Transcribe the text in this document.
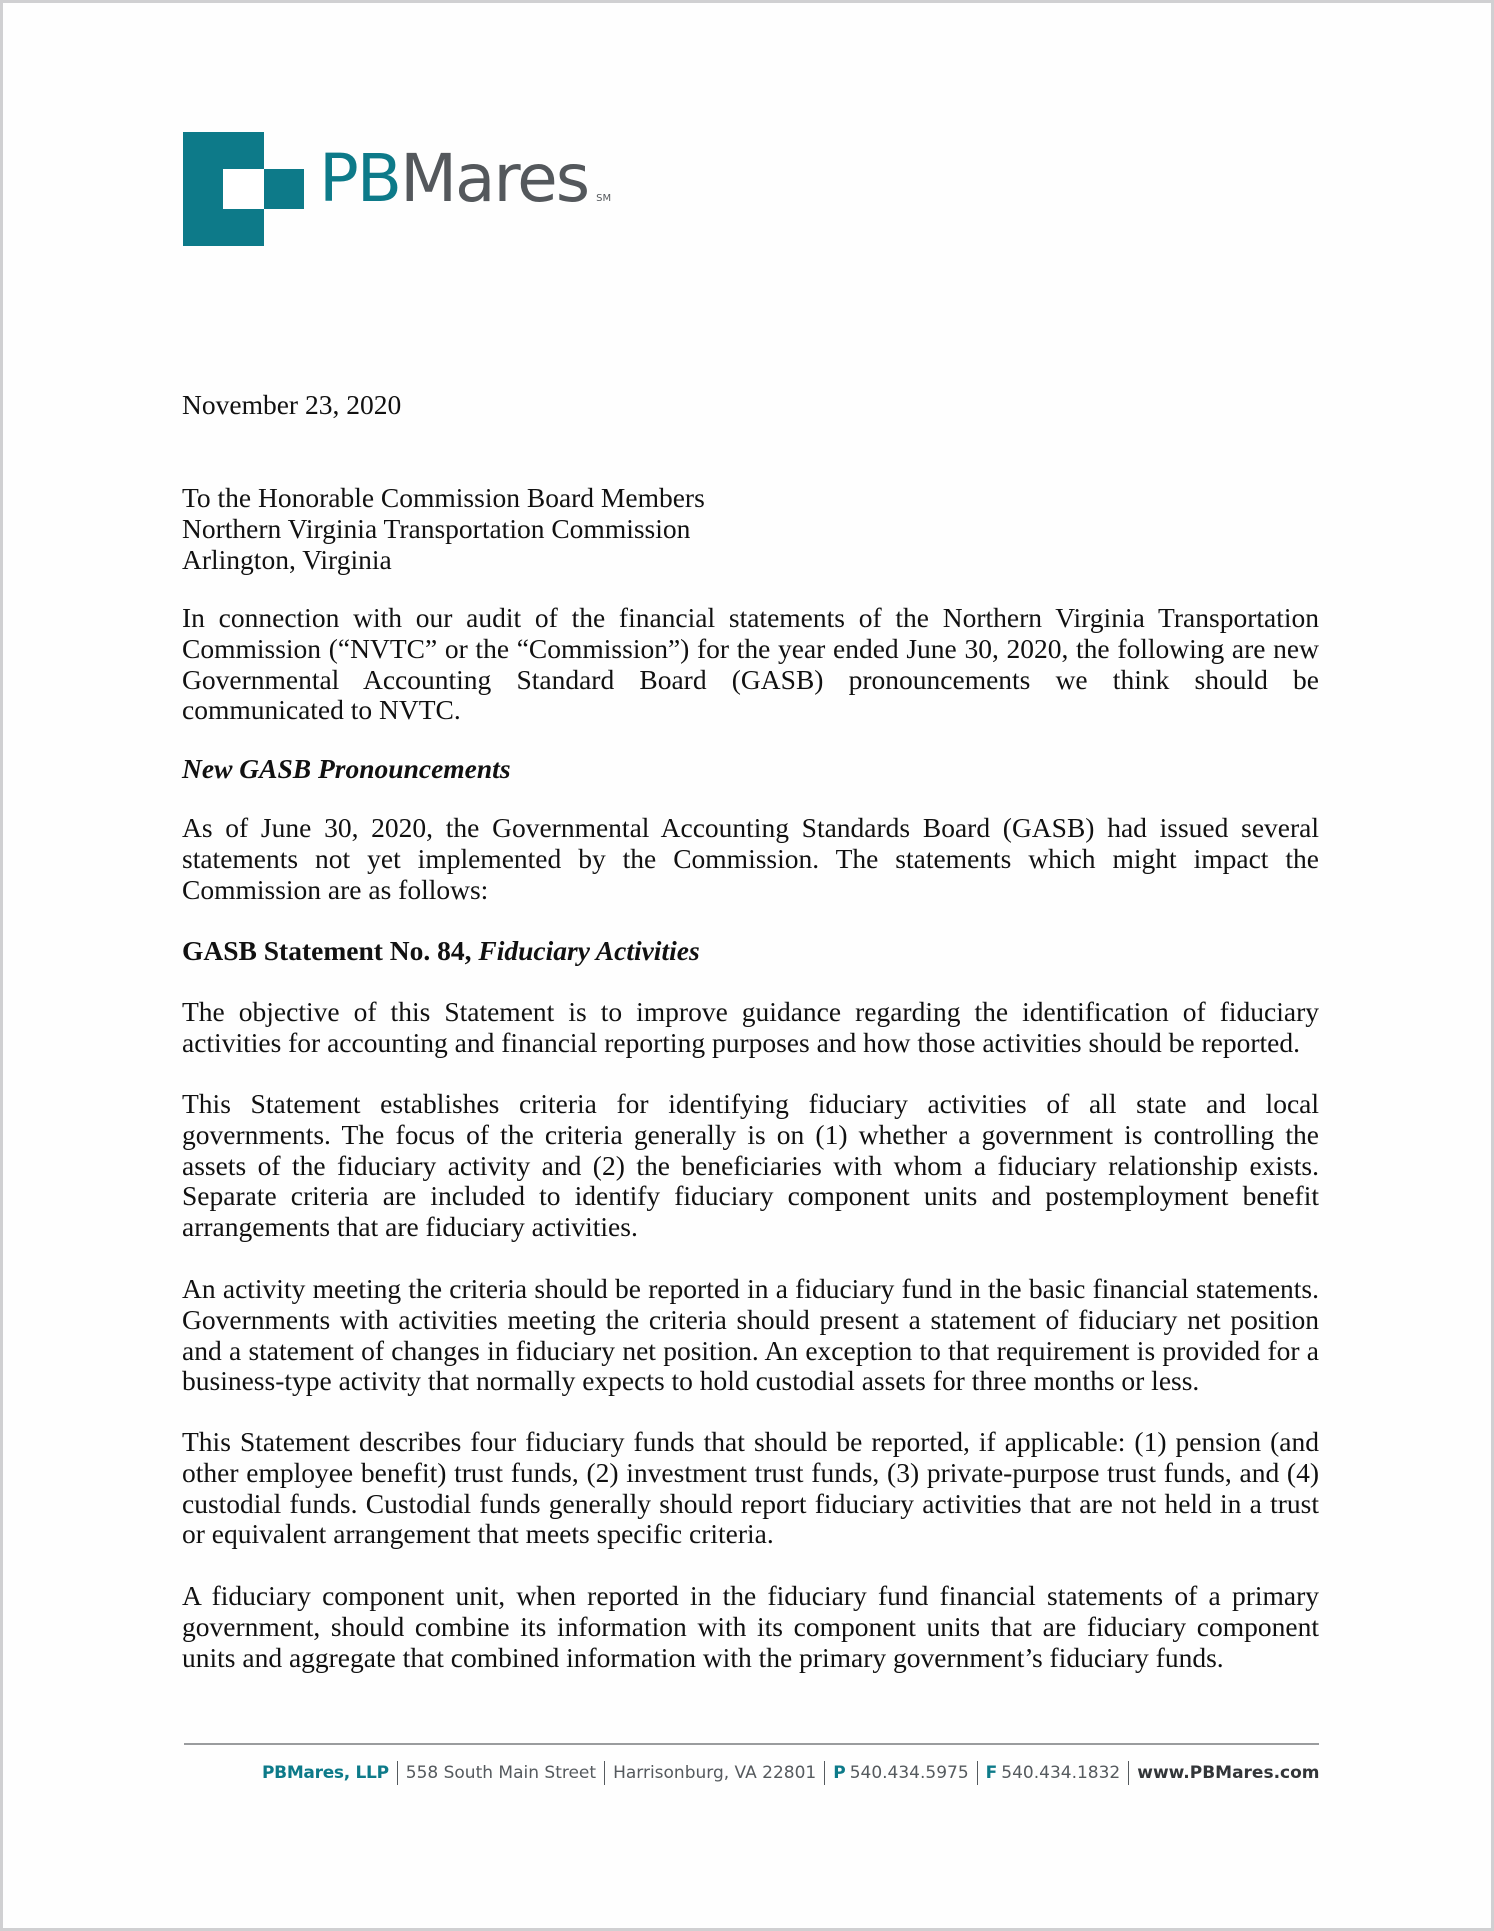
PBMares SM

November 23, 2020

To the Honorable Commission Board Members
Northern Virginia Transportation Commission
Arlington, Virginia

In connection with our audit of the financial statements of the Northern Virginia Transportation Commission (“NVTC” or the “Commission”) for the year ended June 30, 2020, the following are new Governmental Accounting Standard Board (GASB) pronouncements we think should be communicated to NVTC.

New GASB Pronouncements

As of June 30, 2020, the Governmental Accounting Standards Board (GASB) had issued several statements not yet implemented by the Commission. The statements which might impact the Commission are as follows:

GASB Statement No. 84, Fiduciary Activities

The objective of this Statement is to improve guidance regarding the identification of fiduciary activities for accounting and financial reporting purposes and how those activities should be reported.

This Statement establishes criteria for identifying fiduciary activities of all state and local governments. The focus of the criteria generally is on (1) whether a government is controlling the assets of the fiduciary activity and (2) the beneficiaries with whom a fiduciary relationship exists. Separate criteria are included to identify fiduciary component units and postemployment benefit arrangements that are fiduciary activities.

An activity meeting the criteria should be reported in a fiduciary fund in the basic financial statements. Governments with activities meeting the criteria should present a statement of fiduciary net position and a statement of changes in fiduciary net position. An exception to that requirement is provided for a business-type activity that normally expects to hold custodial assets for three months or less.

This Statement describes four fiduciary funds that should be reported, if applicable: (1) pension (and other employee benefit) trust funds, (2) investment trust funds, (3) private-purpose trust funds, and (4) custodial funds. Custodial funds generally should report fiduciary activities that are not held in a trust or equivalent arrangement that meets specific criteria.

A fiduciary component unit, when reported in the fiduciary fund financial statements of a primary government, should combine its information with its component units that are fiduciary component units and aggregate that combined information with the primary government’s fiduciary funds.

PBMares, LLP 558 South Main Street Harrisonburg, VA 22801 P 540.434.5975 F 540.434.1832 www.PBMares.com
